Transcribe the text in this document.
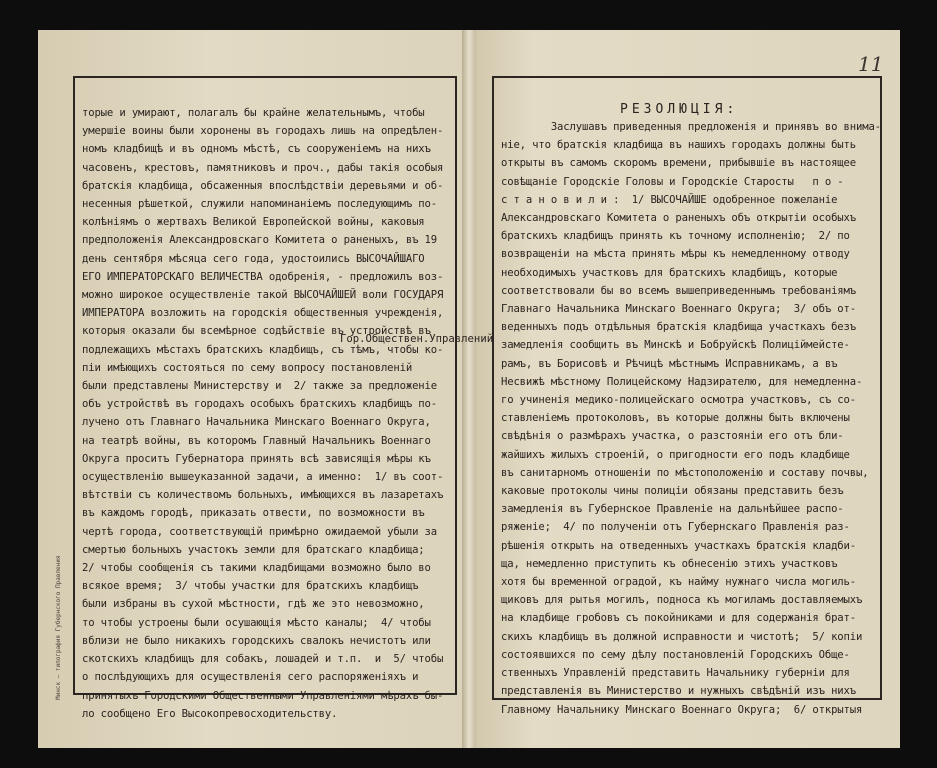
11
Минск — типография Губернского Правления
торые и умирают, полагалъ бы крайне желательнымъ, чтобы
умершiе воины были хоронены въ городахъ лишь на опредѣлен-
номъ кладбищѣ и въ одномъ мѣстѣ, съ сооруженiемъ на нихъ
часовенъ, крестовъ, памятниковъ и проч., дабы такiя особыя
братскiя кладбища, обсаженныя впослѣдствiи деревьями и об-
несенныя рѣшеткой, служили напоминанiемъ последующимъ по-
колѣнiямъ о жертвахъ Великой Европейской войны, каковыя
предположенiя Александровскаго Комитета о раненыхъ, въ 19
день сентября мѣсяца сего года, удостоились ВЫСОЧАЙШАГО
ЕГО ИМПЕРАТОРСКАГО ВЕЛИЧЕСТВА одобренiя, - предложилъ воз-
можно широкое осуществленiе такой ВЫСОЧАЙШЕЙ воли ГОСУДАРЯ
ИМПЕРАТОРА возложить на городскiя общественныя учрежденiя,
которыя оказали бы всемѣрное содѣйствiе въ устройствѣ въ
подлежащихъ мѣстахъ братскихъ кладбищъ, съ тѣмъ, чтобы ко-
пiи имѣющихъ состояться по сему вопросу постановленiй
были представлены Министерству и  2/ также за предложенiе
объ устройствѣ въ городахъ особыхъ братскихъ кладбищъ по-
лучено отъ Главнаго Начальника Минскаго Военнаго Округа,
на театрѣ войны, въ которомъ Главный Начальникъ Военнаго
Округа проситъ Губернатора принять всѣ зависящiя мѣры къ
осуществленiю вышеуказанной задачи, а именно:  1/ въ соот-
вѣтствiи съ количествомъ больныхъ, имѣющихся въ лазаретахъ
въ каждомъ городѣ, приказать отвести, по возможности въ
чертѣ города, соответствующiй примѣрно ожидаемой убыли за
смертью больныхъ участокъ земли для братскаго кладбища;
2/ чтобы сообщенiя съ такими кладбищами возможно было во
всякое время;  3/ чтобы участки для братскихъ кладбищъ
были избраны въ сухой мѣстности, гдѣ же это невозможно,
то чтобы устроены были осушающiя мѣсто каналы;  4/ чтобы
вблизи не было никакихъ городскихъ свалокъ нечистотъ или
скотскихъ кладбищъ для собакъ, лошадей и т.п.  и  5/ чтобы
о послѣдующихъ для осуществленiя сего распоряженiяхъ и
принятыхъ Городскими Общественными Управленiями мѣрахъ бы-
ло сообщено Его Высокопревосходительству.
Гор.Обществен.Управлений
РЕЗОЛЮЦIЯ:
Заслушавъ приведенныя предложенiя и принявъ во внима-
нiе, что братскiя кладбища въ нашихъ городахъ должны быть
открыты въ самомъ скоромъ времени, прибывшiе въ настоящее
совѣщанiе Городскiе Головы и Городскiе Старосты   п о -
с т а н о в и л и :  1/ ВЫСОЧАЙШЕ одобренное пожеланiе
Александровскаго Комитета о раненыхъ объ открытiи особыхъ
братскихъ кладбищъ принять къ точному исполненiю;  2/ по
возвращенiи на мѣста принять мѣры къ немедленному отводу
необходимыхъ участковъ для братскихъ кладбищъ, которые
соответствовали бы во всемъ вышеприведеннымъ требованiямъ
Главнаго Начальника Минскаго Военнаго Округа;  3/ объ от-
веденныхъ подъ отдѣльныя братскiя кладбища участкахъ безъ
замедленiя сообщить въ Минскѣ и Бобруйскѣ Полицiймейсте-
рамъ, въ Борисовѣ и Рѣчицѣ мѣстнымъ Исправникамъ, а въ
Несвижѣ мѣстному Полицейскому Надзирателю, для немедленна-
го учиненiя медико-полицейскаго осмотра участковъ, съ со-
ставленiемъ протоколовъ, въ которые должны быть включены
свѣдѣнiя о размѣрахъ участка, о разстоянiи его отъ бли-
жайшихъ жилыхъ строенiй, о пригодности его подъ кладбище
въ санитарномъ отношенiи по мѣстоположенiю и составу почвы,
каковые протоколы чины полицiи обязаны представить безъ
замедленiя въ Губернское Правленiе на дальнѣйшее распо-
ряженiе;  4/ по полученiи отъ Губернскаго Правленiя раз-
рѣшенiя открыть на отведенныхъ участкахъ братскiя кладби-
ща, немедленно приступить къ обнесенiю этихъ участковъ
хотя бы временной оградой, къ найму нужнаго числа могиль-
щиковъ для рытья могилъ, подноса къ могиламъ доставляемыхъ
на кладбище гробовъ съ покойниками и для содержанiя брат-
скихъ кладбищъ въ должной исправности и чистотѣ;  5/ копiи
состоявшихся по сему дѣлу постановленiй Городскихъ Обще-
ственныхъ Управленiй представить Начальнику губернiи для
представленiя въ Министерство и нужныхъ свѣдѣнiй изъ нихъ
Главному Начальнику Минскаго Военнаго Округа;  6/ открытыя
